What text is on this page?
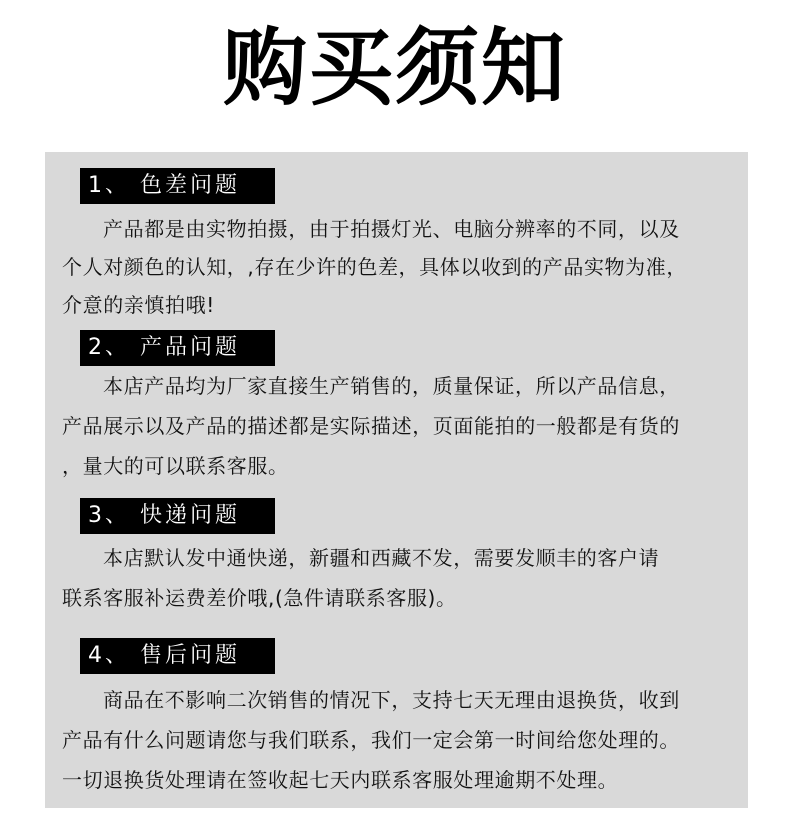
购买须知
1、 色差问题
产品都是由实物拍摄，由于拍摄灯光、电脑分辨率的不同，以及
个人对颜色的认知，,存在少许的色差，具体以收到的产品实物为准，
介意的亲慎拍哦!
2、 产品问题
本店产品均为厂家直接生产销售的，质量保证，所以产品信息，
产品展示以及产品的描述都是实际描述，页面能拍的一般都是有货的
，量大的可以联系客服。
3、 快递问题
本店默认发中通快递，新疆和西藏不发，需要发顺丰的客户请
联系客服补运费差价哦,(急件请联系客服)。
4、 售后问题
商品在不影响二次销售的情况下，支持七天无理由退换货，收到
产品有什么问题请您与我们联系，我们一定会第一时间给您处理的。
一切退换货处理请在签收起七天内联系客服处理逾期不处理。
